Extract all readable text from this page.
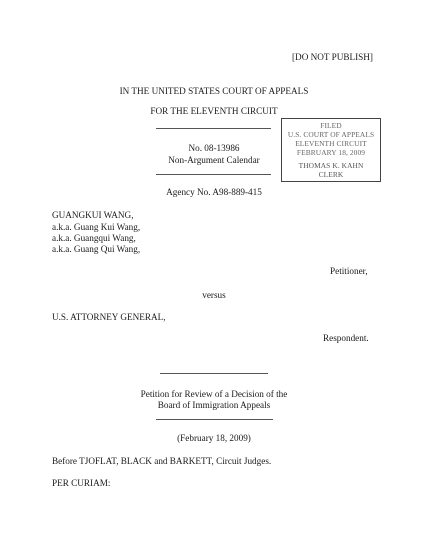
[DO NOT PUBLISH]
IN THE UNITED STATES COURT OF APPEALS
FOR THE ELEVENTH CIRCUIT
No. 08-13986
Non-Argument Calendar
FILED
U.S. COURT OF APPEALS
ELEVENTH CIRCUIT
FEBRUARY 18, 2009
THOMAS K. KAHN
CLERK
Agency No. A98-889-415
GUANGKUI WANG,
a.k.a. Guang Kui Wang,
a.k.a. Guangqui Wang,
a.k.a. Guang Qui Wang,
Petitioner,
versus
U.S. ATTORNEY GENERAL,
Respondent.
Petition for Review of a Decision of the
Board of Immigration Appeals
(February 18, 2009)
Before TJOFLAT, BLACK and BARKETT, Circuit Judges.
PER CURIAM:
